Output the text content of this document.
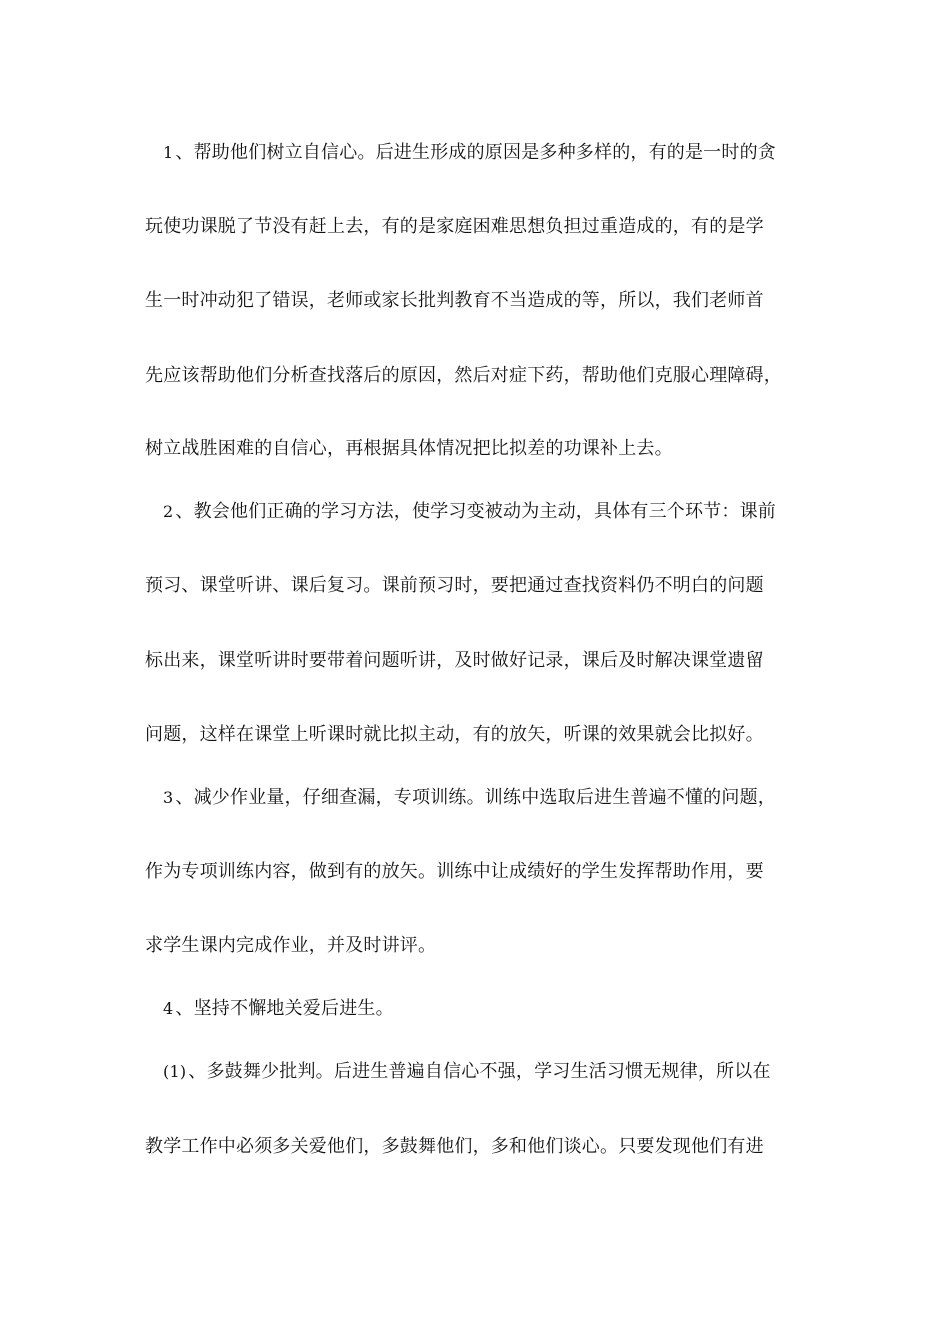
1 、帮助他们树立自信心。后进生形成的原因是多种多样的，有的是一时的贪
玩使功课脱了节没有赶上去，有的是家庭困难思想负担过重造成的，有的是学
生一时冲动犯了错误，老师或家长批判教育不当造成的等，所以，我们老师首
先应该帮助他们分析查找落后的原因，然后对症下药，帮助他们克服心理障碍，
树立战胜困难的自信心，再根据具体情况把比拟差的功课补上去。
2 、教会他们正确的学习方法，使学习变被动为主动，具体有三个环节：课前
预习、课堂听讲、课后复习。课前预习时，要把通过查找资料仍不明白的问题
标出来，课堂听讲时要带着问题听讲，及时做好记录，课后及时解决课堂遗留
问题，这样在课堂上听课时就比拟主动，有的放矢，听课的效果就会比拟好。
3 、减少作业量，仔细查漏，专项训练。训练中选取后进生普遍不懂的问题，
作为专项训练内容，做到有的放矢。训练中让成绩好的学生发挥帮助作用，要
求学生课内完成作业，并及时讲评。
4 、坚持不懈地关爱后进生。
(1) 、多鼓舞少批判。后进生普遍自信心不强，学习生活习惯无规律，所以在
教学工作中必须多关爱他们，多鼓舞他们，多和他们谈心。只要发现他们有进
